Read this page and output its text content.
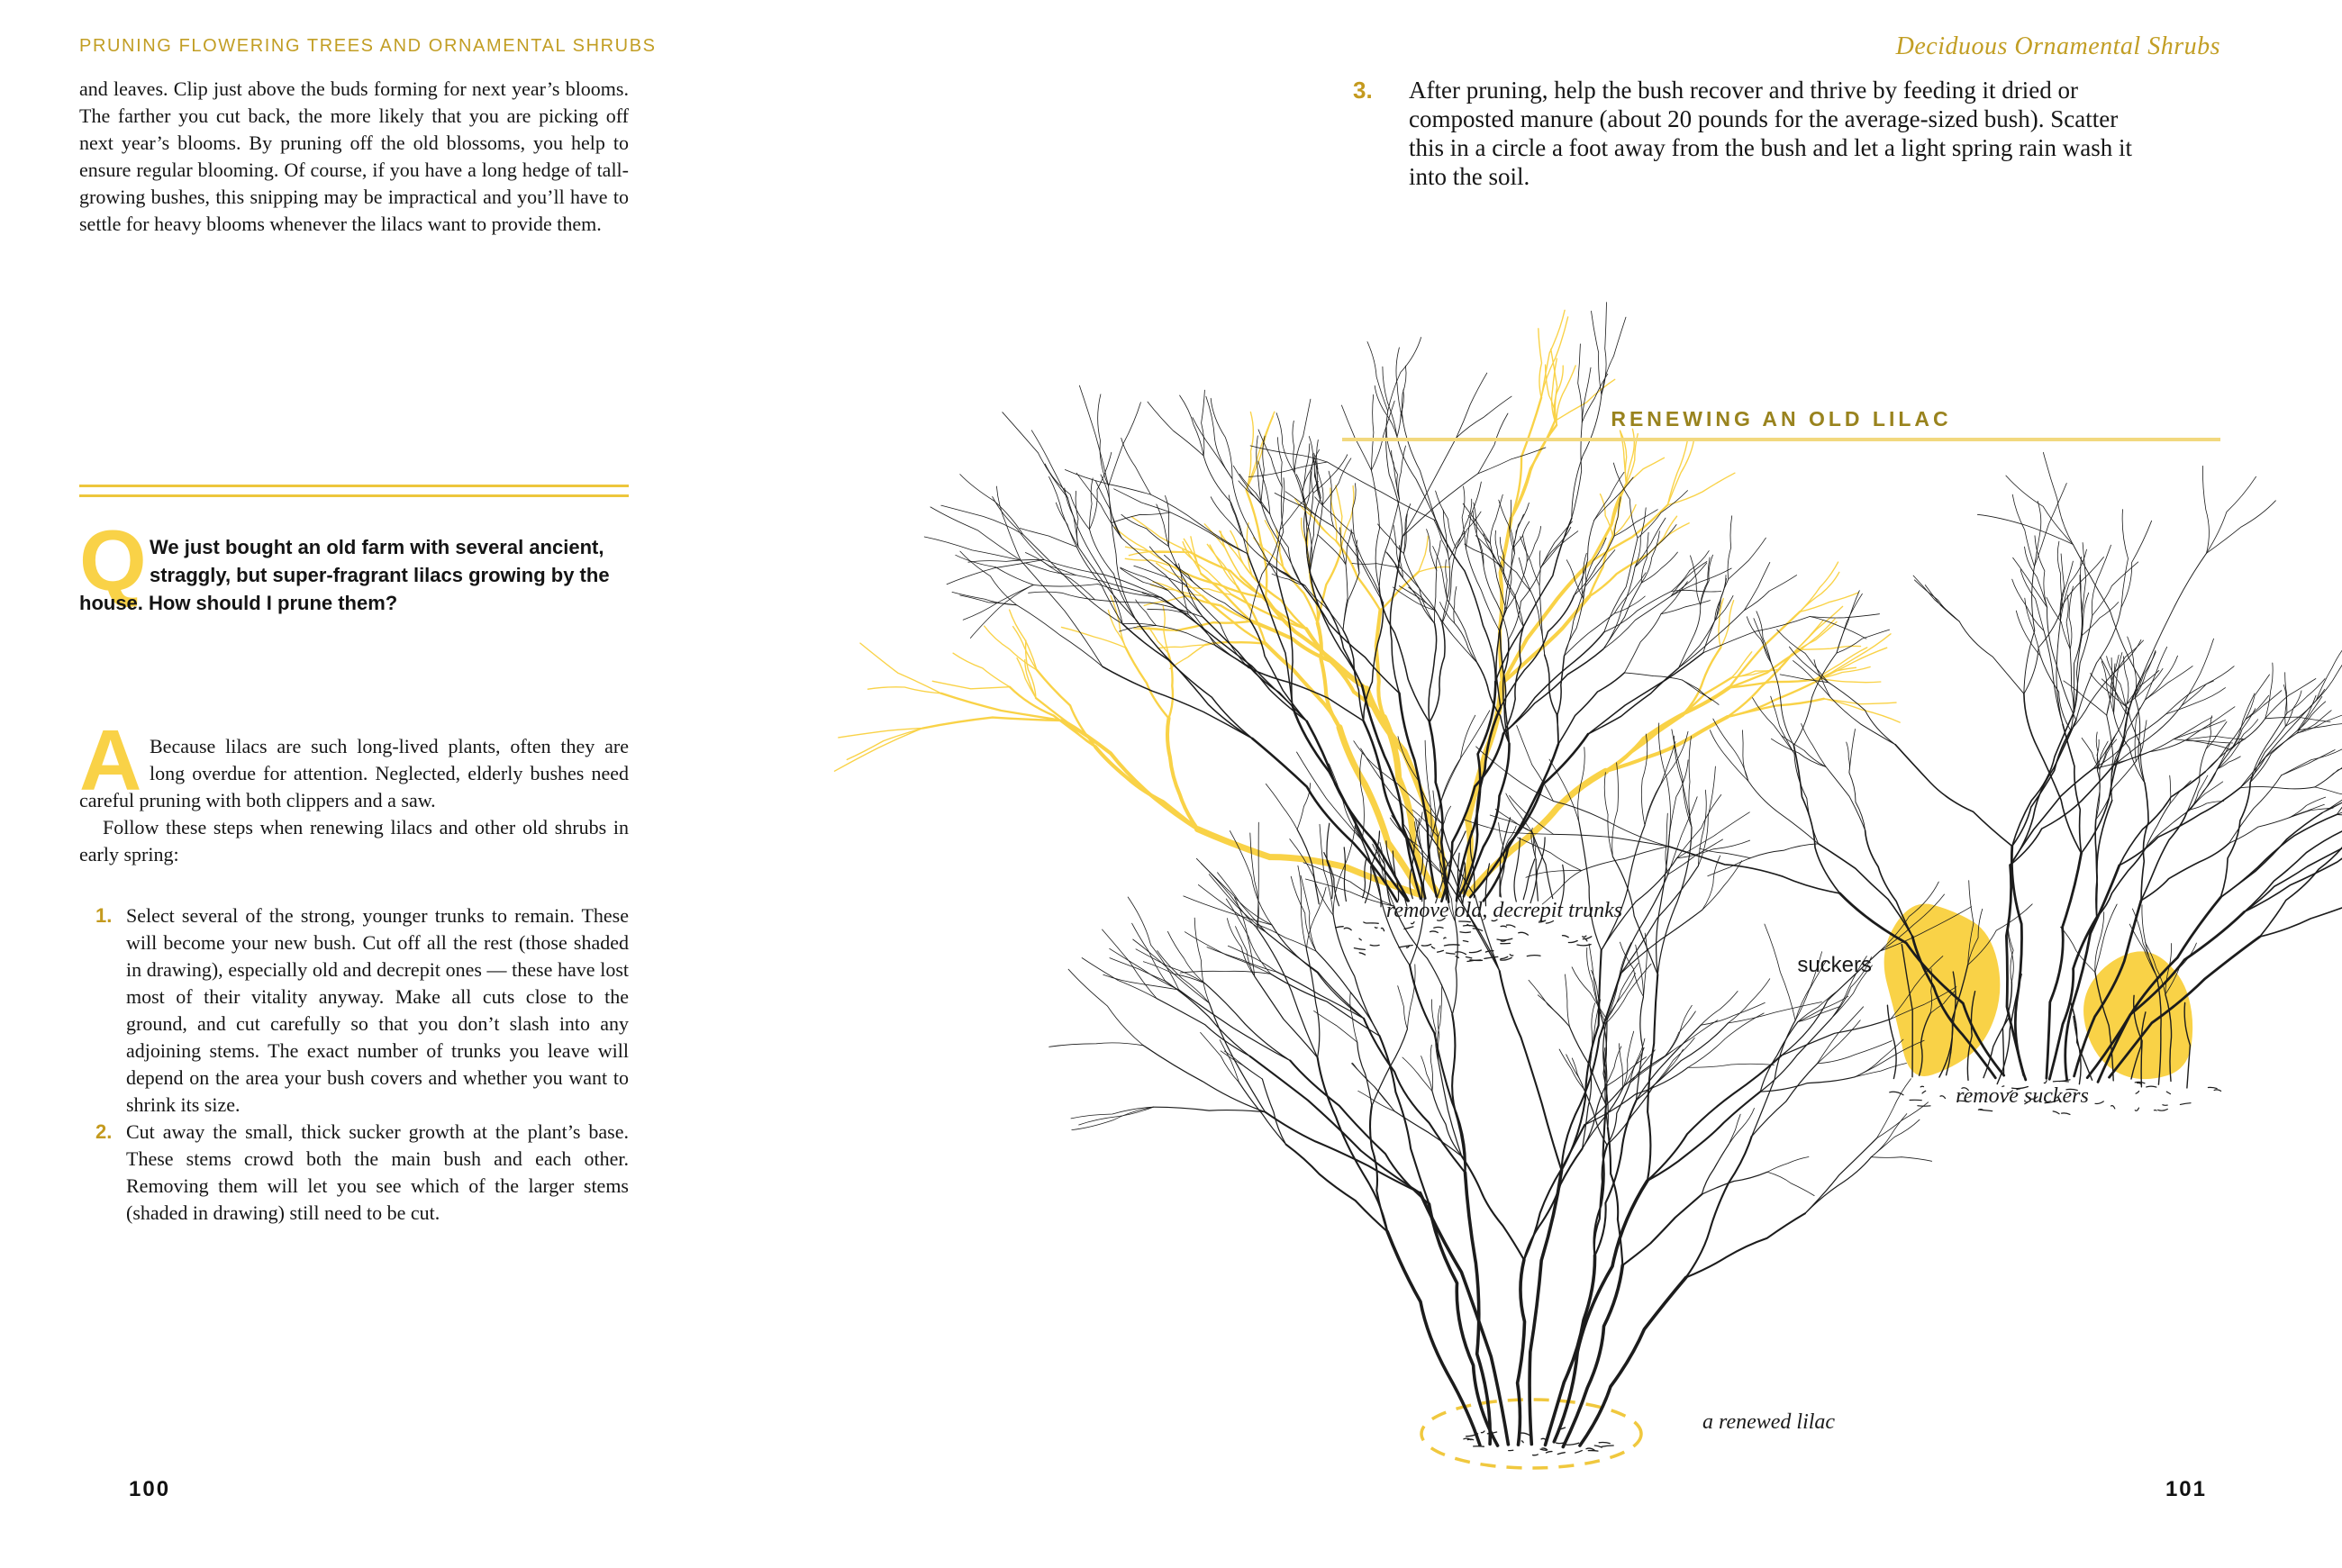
PRUNING FLOWERING TREES AND ORNAMENTAL SHRUBS

and leaves. Clip just above the buds forming for next year’s blooms. The farther you cut back, the more likely that you are picking off next year’s blooms. By pruning off the old blossoms, you help to ensure regular blooming. Of course, if you have a long hedge of tall-growing bushes, this snipping may be impractical and you’ll have to settle for heavy blooms whenever the lilacs want to provide them.

Q We just bought an old farm with several ancient, straggly, but super-fragrant lilacs growing by the house. How should I prune them?

A Because lilacs are such long-lived plants, often they are long overdue for attention. Neglected, elderly bushes need careful pruning with both clippers and a saw.

Follow these steps when renewing lilacs and other old shrubs in early spring:

1. Select several of the strong, younger trunks to remain. These will become your new bush. Cut off all the rest (those shaded in drawing), especially old and decrepit ones — these have lost most of their vitality anyway. Make all cuts close to the ground, and cut carefully so that you don’t slash into any adjoining stems. The exact number of trunks you leave will depend on the area your bush covers and whether you want to shrink its size.

2. Cut away the small, thick sucker growth at the plant’s base. These stems crowd both the main bush and each other. Removing them will let you see which of the larger stems (shaded in drawing) still need to be cut.

100
Deciduous Ornamental Shrubs
3. After pruning, help the bush recover and thrive by feeding it dried or composted manure (about 20 pounds for the average-sized bush). Scatter this in a circle a foot away from the bush and let a light spring rain wash it into the soil.

RENEWING AN OLD LILAC
remove old, decrepit trunks
suckers
remove suckers
a renewed lilac
101
